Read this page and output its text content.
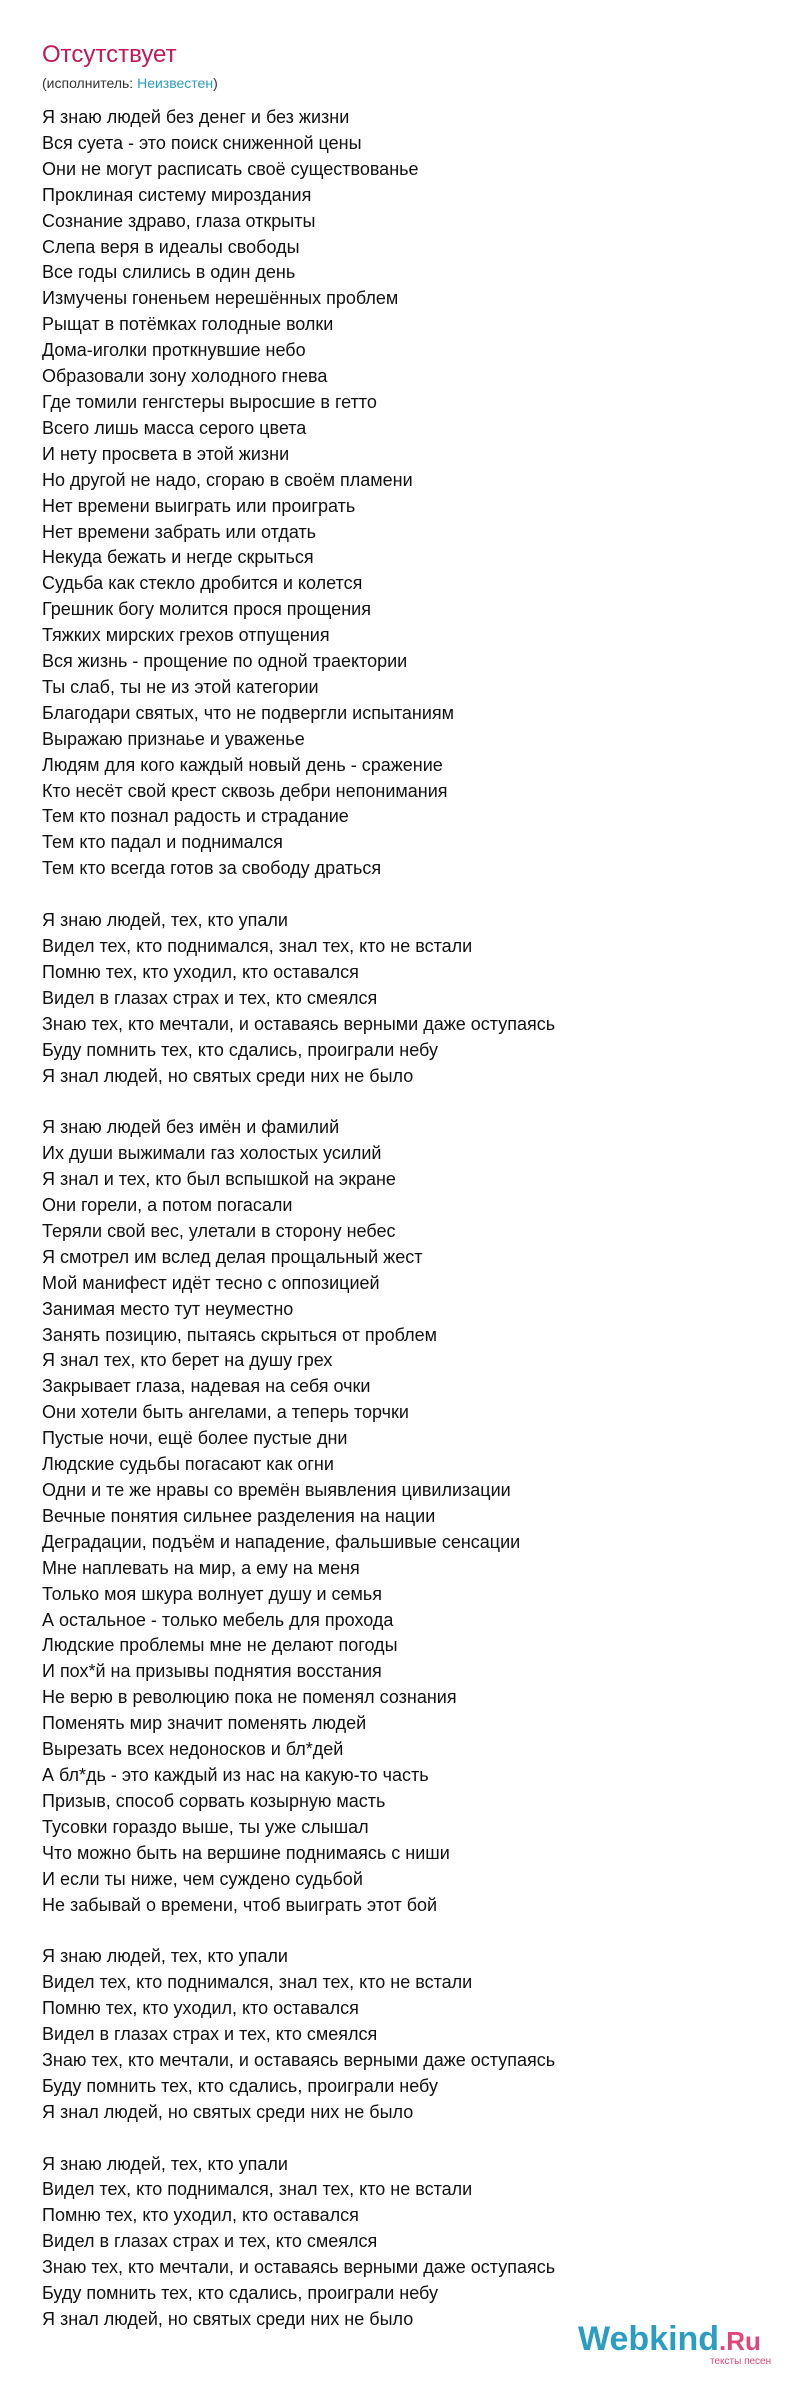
Отсутствует
(исполнитель: Неизвестен)
Я знаю людей без денег и без жизни
Вся суета - это поиск сниженной цены
Они не могут расписать своё существованье
Проклиная систему мироздания
Сознание здраво, глаза открыты
Слепа веря в идеалы свободы
Все годы слились в один день
Измучены гоненьем нерешённых проблем
Рыщат в потёмках голодные волки
Дома-иголки проткнувшие небо
Образовали зону холодного гнева
Где томили генгстеры выросшие в гетто
Всего лишь масса серого цвета
И нету просвета в этой жизни
Но другой не надо, сгораю в своём пламени
Нет времени выиграть или проиграть
Нет времени забрать или отдать
Некуда бежать и негде скрыться
Судьба как стекло дробится и колется
Грешник богу молится прося прощения
Тяжких мирских грехов отпущения
Вся жизнь - прощение по одной траектории
Ты слаб, ты не из этой категории
Благодари святых, что не подвергли испытаниям
Выражаю признаье и уваженье
Людям для кого каждый новый день - сражение
Кто несёт свой крест сквозь дебри непонимания
Тем кто познал радость и страдание
Тем кто падал и поднимался
Тем кто всегда готов за свободу драться
Я знаю людей, тех, кто упали
Видел тех, кто поднимался, знал тех, кто не встали
Помню тех, кто уходил, кто оставался
Видел в глазах страх и тех, кто смеялся
Знаю тех, кто мечтали, и оставаясь верными даже оступаясь
Буду помнить тех, кто сдались, проиграли небу
Я знал людей, но святых среди них не было
Я знаю людей без имён и фамилий
Их души выжимали газ холостых усилий
Я знал и тех, кто был вспышкой на экране
Они горели, а потом погасали
Теряли свой вес, улетали в сторону небес
Я смотрел им вслед делая прощальный жест
Мой манифест идёт тесно с оппозицией
Занимая место тут неуместно
Занять позицию, пытаясь скрыться от проблем
Я знал тех, кто берет на душу грех
Закрывает глаза, надевая на себя очки
Они хотели быть ангелами, а теперь торчки
Пустые ночи, ещё более пустые дни
Людские судьбы погасают как огни
Одни и те же нравы со времён выявления цивилизации
Вечные понятия сильнее разделения на нации
Деградации, подъём и нападение, фальшивые сенсации
Мне наплевать на мир, а ему на меня
Только моя шкура волнует душу и семья
А остальное - только мебель для прохода
Людские проблемы мне не делают погоды
И пох*й на призывы поднятия восстания
Не верю в революцию пока не поменял сознания
Поменять мир значит поменять людей
Вырезать всех недоносков и бл*дей
А бл*дь - это каждый из нас на какую-то часть
Призыв, способ сорвать козырную масть
Тусовки гораздо выше, ты уже слышал
Что можно быть на вершине поднимаясь с ниши
И если ты ниже, чем суждено судьбой
Не забывай о времени, чтоб выиграть этот бой
Я знаю людей, тех, кто упали
Видел тех, кто поднимался, знал тех, кто не встали
Помню тех, кто уходил, кто оставался
Видел в глазах страх и тех, кто смеялся
Знаю тех, кто мечтали, и оставаясь верными даже оступаясь
Буду помнить тех, кто сдались, проиграли небу
Я знал людей, но святых среди них не было
Я знаю людей, тех, кто упали
Видел тех, кто поднимался, знал тех, кто не встали
Помню тех, кто уходил, кто оставался
Видел в глазах страх и тех, кто смеялся
Знаю тех, кто мечтали, и оставаясь верными даже оступаясь
Буду помнить тех, кто сдались, проиграли небу
Я знал людей, но святых среди них не было
Webkind .Ru
тексты песен
